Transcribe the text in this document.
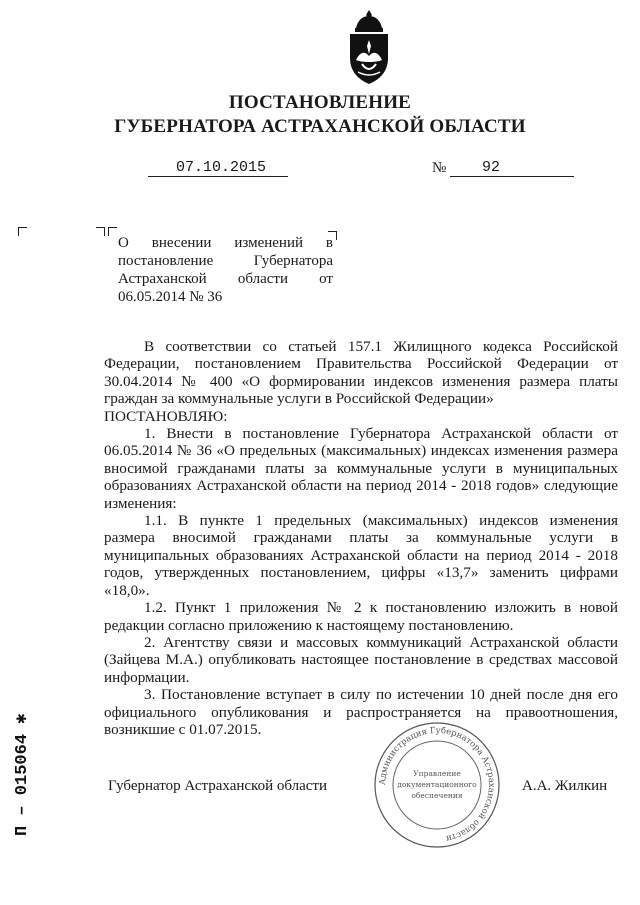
ПОСТАНОВЛЕНИЕ
ГУБЕРНАТОРА АСТРАХАНСКОЙ ОБЛАСТИ
07.10.2015	№ 92
О внесении изменений в постановление Губернатора Астраханской области от 06.05.2014 № 36

В соответствии со статьей 157.1 Жилищного кодекса Российской Федерации, постановлением Правительства Российской Федерации от 30.04.2014 № 400 «О формировании индексов изменения размера платы граждан за коммунальные услуги в Российской Федерации»

ПОСТАНОВЛЯЮ:

1. Внести в постановление Губернатора Астраханской области от 06.05.2014 № 36 «О предельных (максимальных) индексах изменения размера вносимой гражданами платы за коммунальные услуги в муниципальных образованиях Астраханской области на период 2014 - 2018 годов» следующие изменения:

1.1. В пункте 1 предельных (максимальных) индексов изменения размера вносимой гражданами платы за коммунальные услуги в муниципальных образованиях Астраханской области на период 2014 - 2018 годов, утвержденных постановлением, цифры «13,7» заменить цифрами «18,0».

1.2. Пункт 1 приложения № 2 к постановлению изложить в новой редакции согласно приложению к настоящему постановлению.

2. Агентству связи и массовых коммуникаций Астраханской области (Зайцева М.А.) опубликовать настоящее постановление в средствах массовой информации.

3. Постановление вступает в силу по истечении 10 дней после дня его официального опубликования и распространяется на правоотношения, возникшие с 01.07.2015.

Губернатор Астраханской области	А.А. Жилкин
Администрация Губернатора Астраханской области
Управление
документационного
обеспечения
П – 015064 ✱
